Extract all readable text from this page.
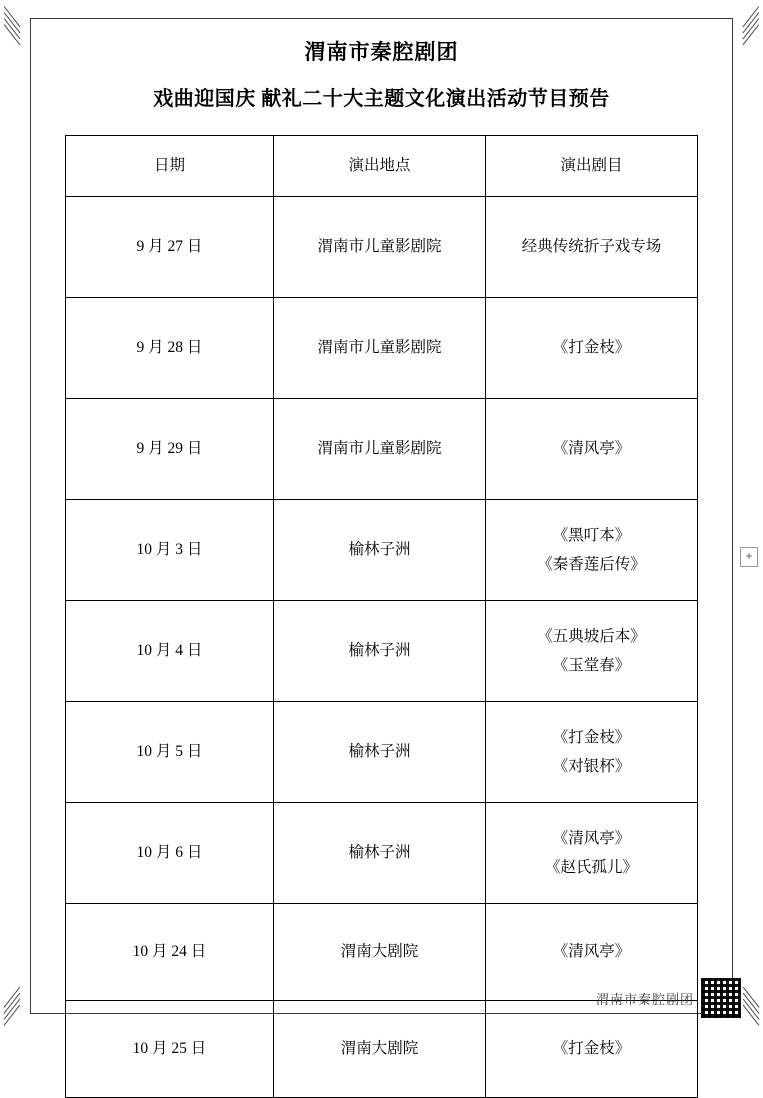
渭南市秦腔剧团
戏曲迎国庆 献礼二十大主题文化演出活动节目预告
日期	演出地点	演出剧目
9 月 27 日	渭南市儿童影剧院	经典传统折子戏专场

9 月 28 日	渭南市儿童影剧院	《打金枝》

9 月 29 日	渭南市儿童影剧院	《清风亭》

10 月 3 日	榆林子洲	《黑叮本》
《秦香莲后传》

10 月 4 日	榆林子洲	《五典坡后本》
《玉堂春》

10 月 5 日	榆林子洲	《打金枝》
《对银杯》

10 月 6 日	榆林子洲	《清风亭》
《赵氏孤儿》

10 月 24 日	渭南大剧院	《清风亭》

10 月 25 日	渭南大剧院	《打金枝》
+
渭南市秦腔剧团
